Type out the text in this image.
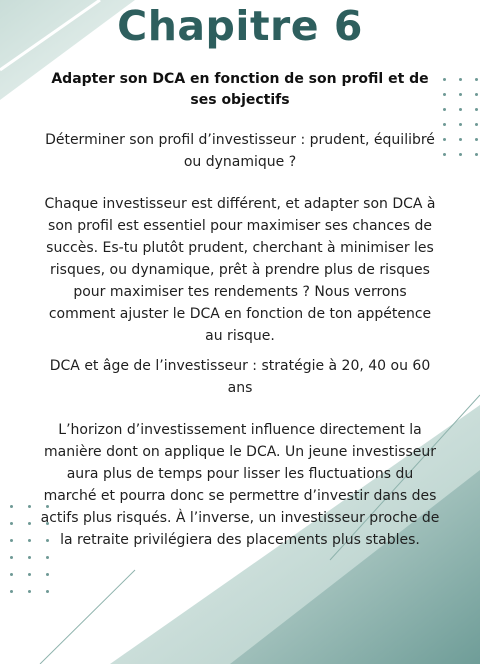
Chapitre 6

Adapter son DCA en fonction de son profil et de ses objectifs

Déterminer son profil d’investisseur : prudent, équilibré ou dynamique ?

Chaque investisseur est différent, et adapter son DCA à son profil est essentiel pour maximiser ses chances de succès. Es-tu plutôt prudent, cherchant à minimiser les risques, ou dynamique, prêt à prendre plus de risques pour maximiser tes rendements ? Nous verrons comment ajuster le DCA en fonction de ton appétence au risque.

DCA et âge de l’investisseur : stratégie à 20, 40 ou 60 ans

L’horizon d’investissement influence directement la manière dont on applique le DCA. Un jeune investisseur aura plus de temps pour lisser les fluctuations du marché et pourra donc se permettre d’investir dans des actifs plus risqués. À l’inverse, un investisseur proche de la retraite privilégiera des placements plus stables.
